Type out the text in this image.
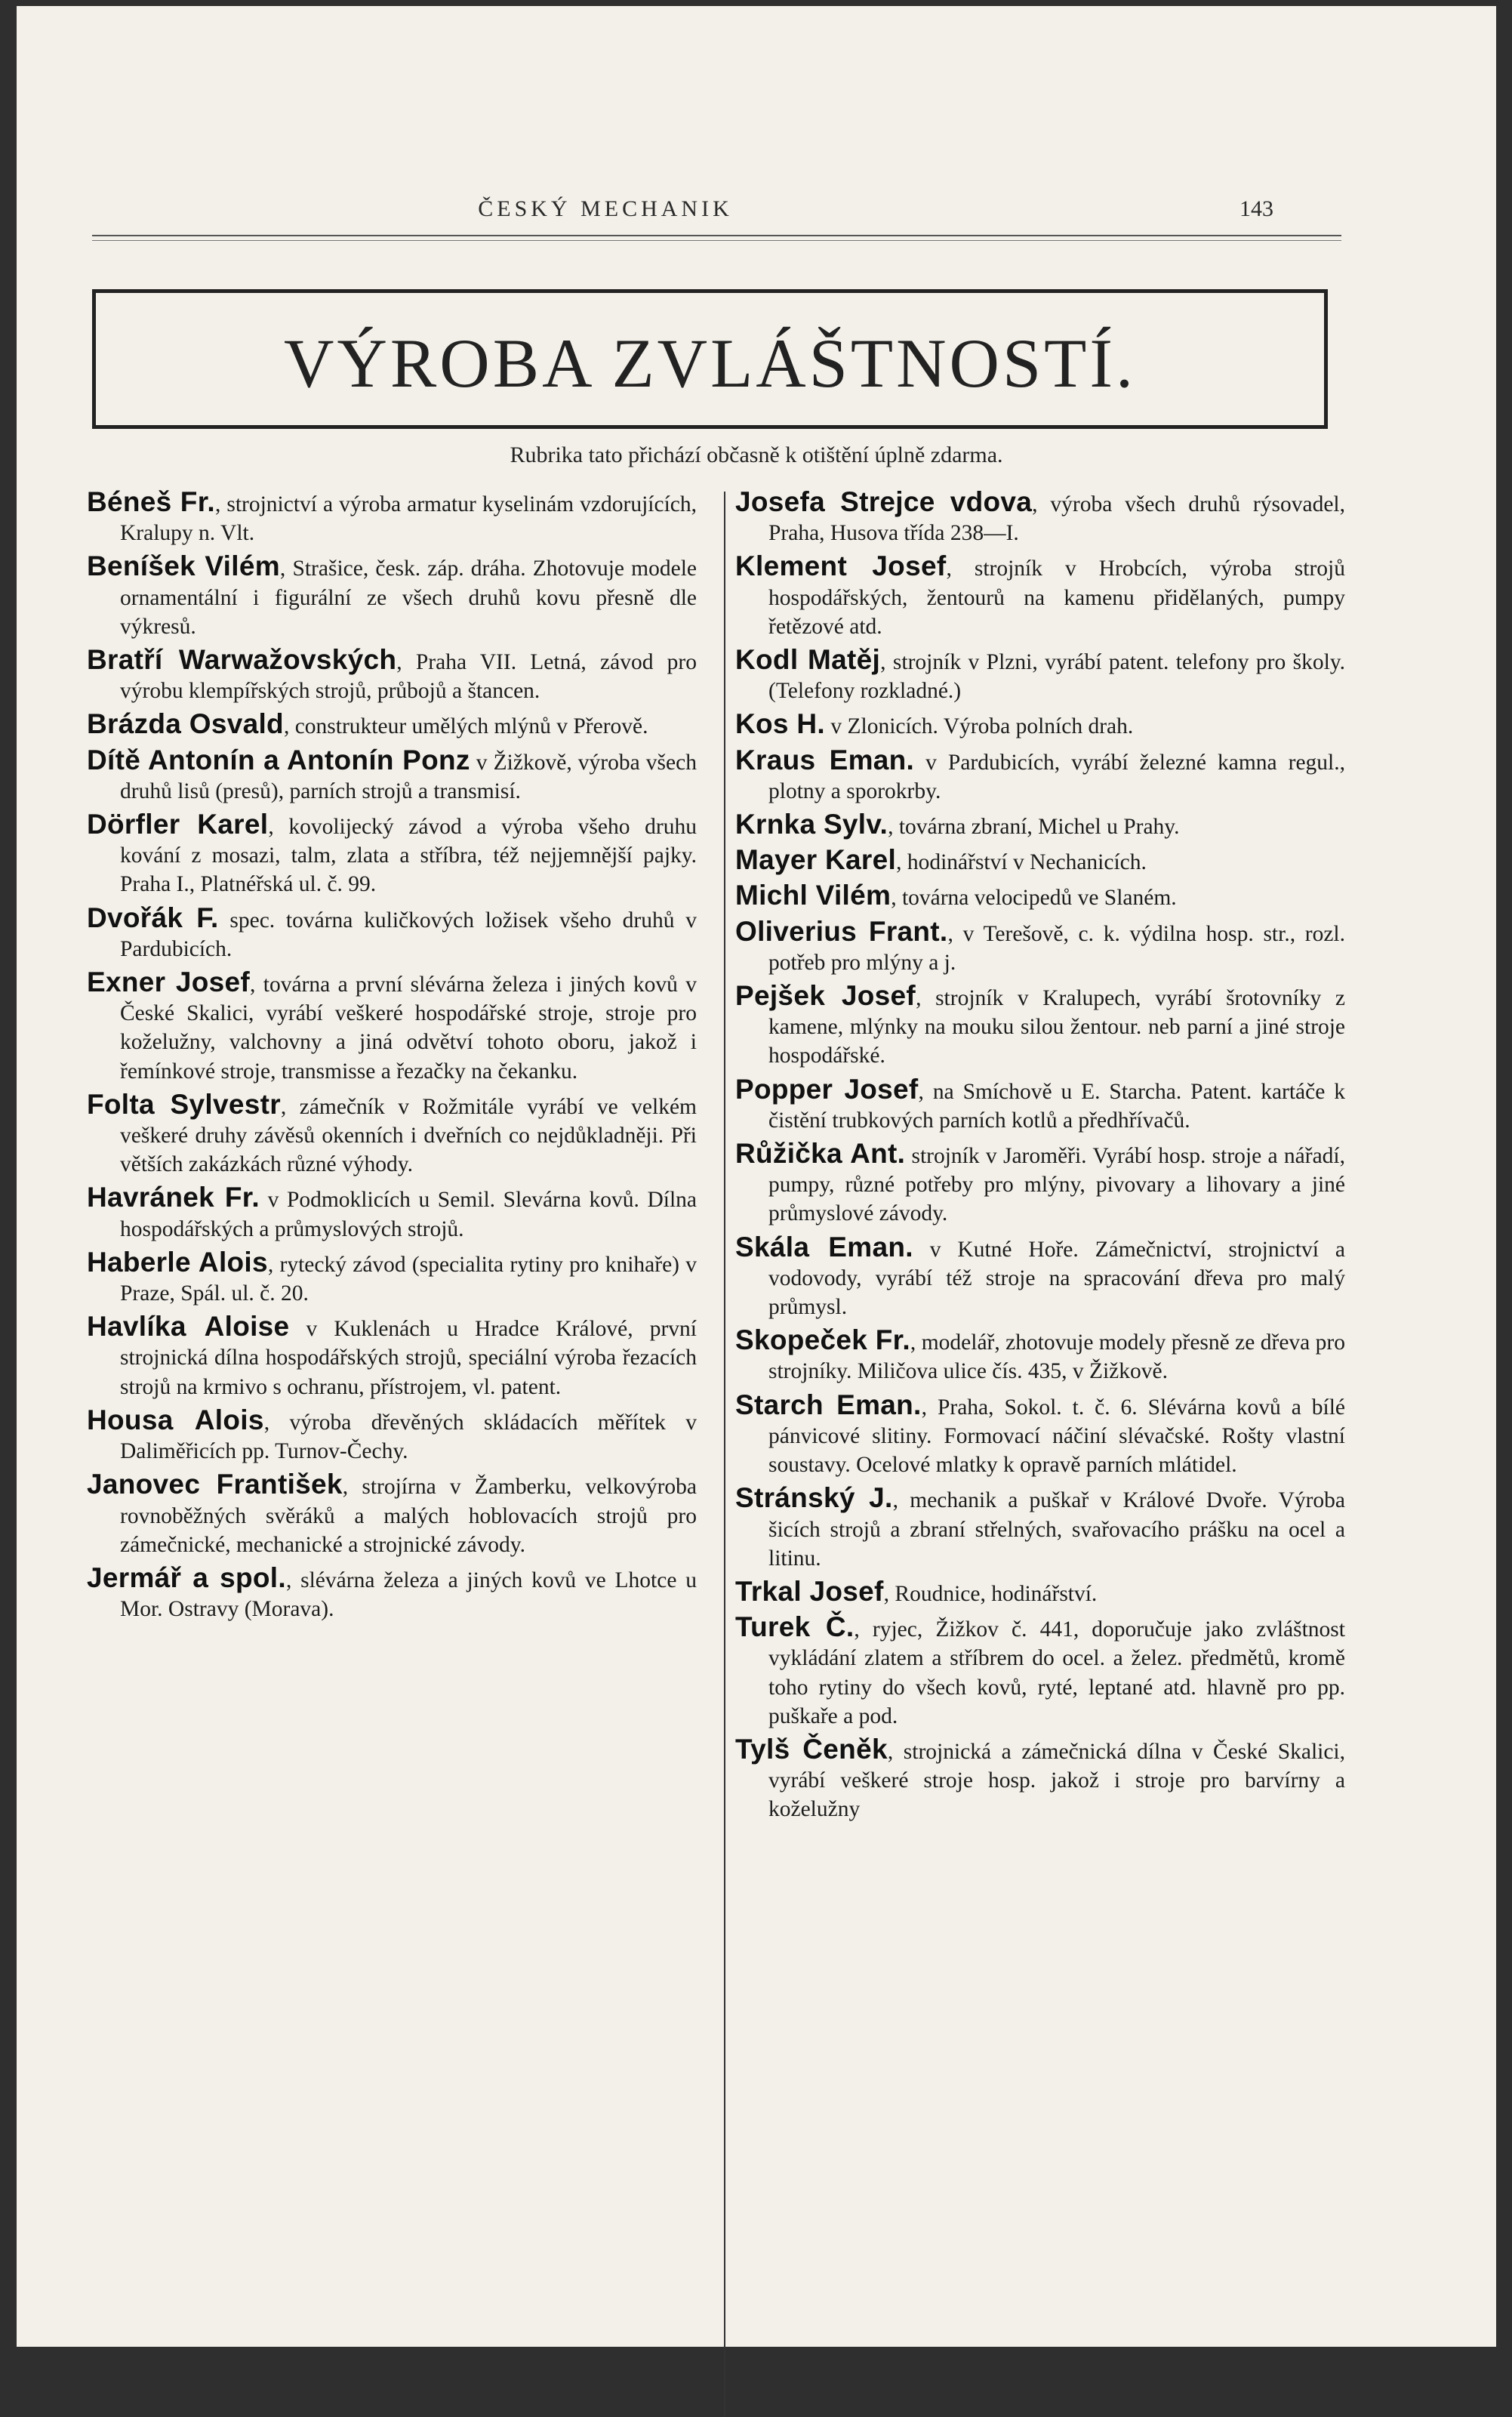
ČESKÝ MECHANIK	143
VÝROBA ZVLÁŠTNOSTÍ.
Rubrika tato přichází občasně k otištění úplně zdarma.

Béneš Fr., strojnictví a výroba armatur kyselinám vzdorujících, Kralupy n. Vlt.

Beníšek Vilém, Strašice, česk. záp. dráha. Zhotovuje modele ornamentální i figurální ze všech druhů kovu přesně dle výkresů.

Bratří Warwažovských, Praha VII. Letná, závod pro výrobu klempířských strojů, průbojů a štancen.

Brázda Osvald, construkteur umělých mlýnů v Přerově.

Dítě Antonín a Antonín Ponz v Žižkově, výroba všech druhů lisů (presů), parních strojů a transmisí.

Dörfler Karel, kovolijecký závod a výroba všeho druhu kování z mosazi, talm, zlata a stříbra, též nejjemnější pajky. Praha I., Platnéřská ul. č. 99.

Dvořák F. spec. továrna kuličkových ložisek všeho druhů v Pardubicích.

Exner Josef, továrna a první slévárna železa i jiných kovů v České Skalici, vyrábí veškeré hospodářské stroje, stroje pro koželužny, valchovny a jiná odvětví tohoto oboru, jakož i řemínkové stroje, transmisse a řezačky na čekanku.

Folta Sylvestr, zámečník v Rožmitále vyrábí ve velkém veškeré druhy závěsů okenních i dveřních co nejdůkladněji. Při větších zakázkách různé výhody.

Havránek Fr. v Podmoklicích u Semil. Slevárna kovů. Dílna hospodářských a průmyslových strojů.

Haberle Alois, rytecký závod (specialita rytiny pro knihaře) v Praze, Spál. ul. č. 20.

Havlíka Aloise v Kuklenách u Hradce Králové, první strojnická dílna hospodářských strojů, speciální výroba řezacích strojů na krmivo s ochranu, přístrojem, vl. patent.

Housa Alois, výroba dřevěných skládacích měřítek v Daliměřicích pp. Turnov-Čechy.

Janovec František, strojírna v Žamberku, velkovýroba rovnoběžných svěráků a malých hoblovacích strojů pro zámečnické, mechanické a strojnické závody.

Jermář a spol., slévárna železa a jiných kovů ve Lhotce u Mor. Ostravy (Morava).

Josefa Strejce vdova, výroba všech druhů rýsovadel, Praha, Husova třída 238—I.

Klement Josef, strojník v Hrobcích, výroba strojů hospodářských, žentourů na kamenu přidělaných, pumpy řetězové atd.

Kodl Matěj, strojník v Plzni, vyrábí patent. telefony pro školy. (Telefony rozkladné.)

Kos H. v Zlonicích. Výroba polních drah.

Kraus Eman. v Pardubicích, vyrábí železné kamna regul., plotny a sporokrby.

Krnka Sylv., továrna zbraní, Michel u Prahy.

Mayer Karel, hodinářství v Nechanicích.

Michl Vilém, továrna velocipedů ve Slaném.

Oliverius Frant., v Terešově, c. k. výdilna hosp. str., rozl. potřeb pro mlýny a j.

Pejšek Josef, strojník v Kralupech, vyrábí šrotovníky z kamene, mlýnky na mouku silou žentour. neb parní a jiné stroje hospodářské.

Popper Josef, na Smíchově u E. Starcha. Patent. kartáče k čistění trubkových parních kotlů a předhřívačů.

Růžička Ant. strojník v Jaroměři. Vyrábí hosp. stroje a nářadí, pumpy, různé potřeby pro mlýny, pivovary a lihovary a jiné průmyslové závody.

Skála Eman. v Kutné Hoře. Zámečnictví, strojnictví a vodovody, vyrábí též stroje na spracování dřeva pro malý průmysl.

Skopeček Fr., modelář, zhotovuje modely přesně ze dřeva pro strojníky. Miličova ulice čís. 435, v Žižkově.

Starch Eman., Praha, Sokol. t. č. 6. Slévárna kovů a bílé pánvicové slitiny. Formovací náčiní slévačské. Rošty vlastní soustavy. Ocelové mlatky k opravě parních mlátidel.

Stránský J., mechanik a puškař v Králové Dvoře. Výroba šicích strojů a zbraní střelných, svařovacího prášku na ocel a litinu.

Trkal Josef, Roudnice, hodinářství.

Turek Č., ryjec, Žižkov č. 441, doporučuje jako zvláštnost vykládání zlatem a stříbrem do ocel. a želez. předmětů, kromě toho rytiny do všech kovů, ryté, leptané atd. hlavně pro pp. puškaře a pod.

Tylš Čeněk, strojnická a zámečnická dílna v České Skalici, vyrábí veškeré stroje hosp. jakož i stroje pro barvírny a koželužny
